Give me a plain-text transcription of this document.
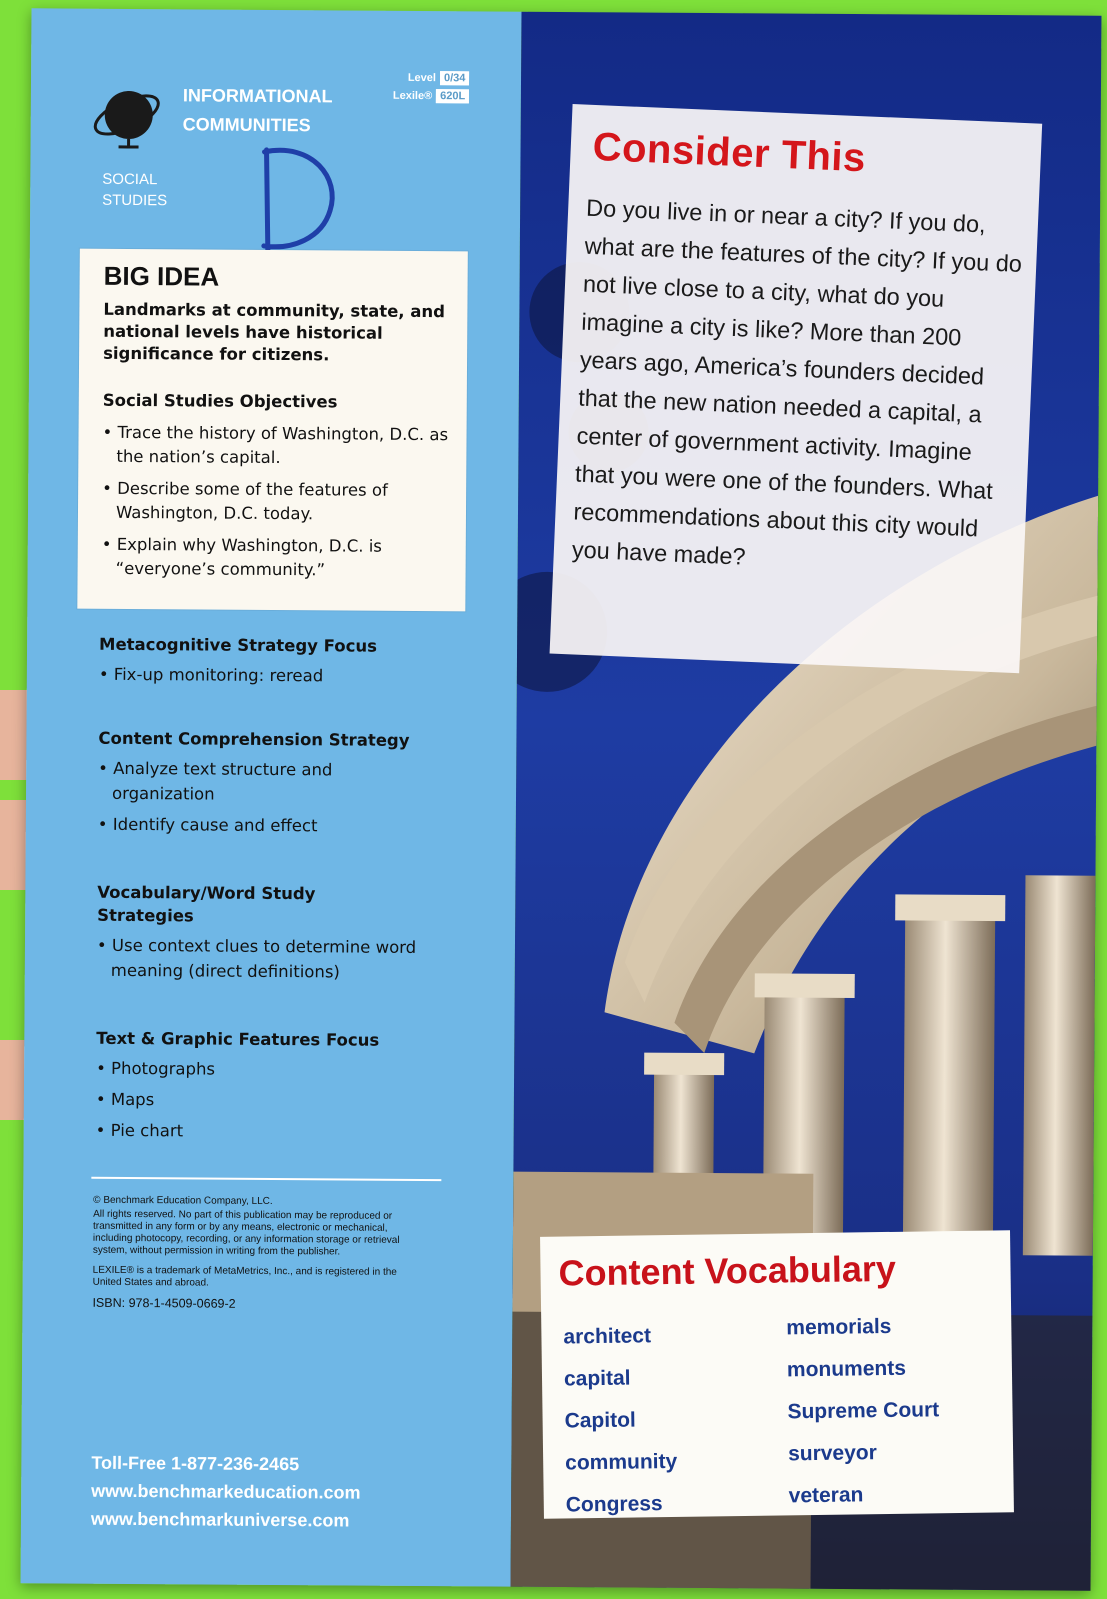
INFORMATIONAL
COMMUNITIES
SOCIAL
STUDIES
Level 0/34
Lexile® 620L
BIG IDEA
Landmarks at community, state, and national levels have historical significance for citizens.
Social Studies Objectives
• Trace the history of Washington, D.C. as the nation’s capital.
• Describe some of the features of Washington, D.C. today.
• Explain why Washington, D.C. is “everyone’s community.”
Metacognitive Strategy Focus
• Fix-up monitoring: reread
Content Comprehension Strategy
• Analyze text structure and organization
• Identify cause and effect
Vocabulary/Word Study Strategies
• Use context clues to determine word meaning (direct definitions)
Text & Graphic Features Focus
• Photographs
• Maps
• Pie chart

© Benchmark Education Company, LLC.

All rights reserved. No part of this publication may be reproduced or transmitted in any form or by any means, electronic or mechanical, including photocopy, recording, or any information storage or retrieval system, without permission in writing from the publisher.

LEXILE® is a trademark of MetaMetrics, Inc., and is registered in the United States and abroad.

ISBN: 978-1-4509-0669-2

Toll-Free 1-877-236-2465
www.benchmarkeducation.com
www.benchmarkuniverse.com
Consider This

Do you live in or near a city? If you do, what are the features of the city? If you do not live close to a city, what do you imagine a city is like? More than 200 years ago, America’s founders decided that the new nation needed a capital, a center of government activity. Imagine that you were one of the founders. What recommendations about this city would you have made?

Content Vocabulary
architect
capital
Capitol
community
Congress
memorials
monuments
Supreme Court
surveyor
veteran
